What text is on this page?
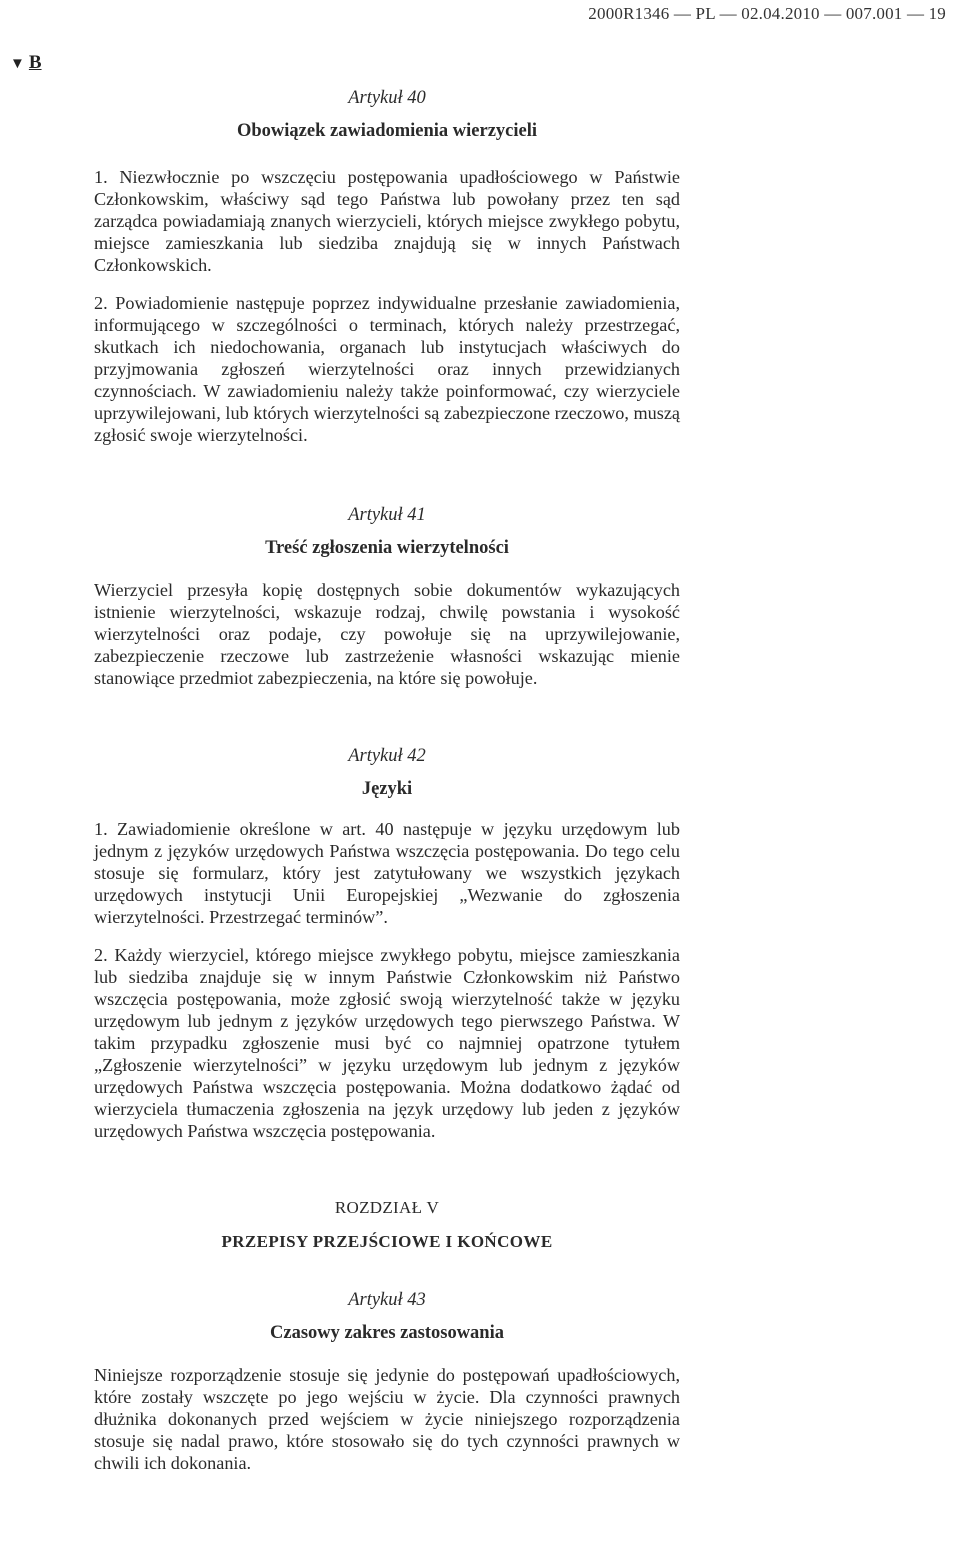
2000R1346 — PL — 02.04.2010 — 007.001 — 19
▼ B

Artykuł 40

Obowiązek zawiadomienia wierzycieli

1. Niezwłocznie po wszczęciu postępowania upadłościowego w Państwie Członkowskim, właściwy sąd tego Państwa lub powołany przez ten sąd zarządca powiadamiają znanych wierzycieli, których miejsce zwykłego pobytu, miejsce zamieszkania lub siedziba znajdują się w innych Państwach Członkowskich.

2. Powiadomienie następuje poprzez indywidualne przesłanie zawiadomienia, informującego w szczególności o terminach, których należy przestrzegać, skutkach ich niedochowania, organach lub instytucjach właściwych do przyjmowania zgłoszeń wierzytelności oraz innych przewidzianych czynnościach. W zawiadomieniu należy także poinformować, czy wierzyciele uprzywilejowani, lub których wierzytelności są zabezpieczone rzeczowo, muszą zgłosić swoje wierzytelności.

Artykuł 41

Treść zgłoszenia wierzytelności

Wierzyciel przesyła kopię dostępnych sobie dokumentów wykazujących istnienie wierzytelności, wskazuje rodzaj, chwilę powstania i wysokość wierzytelności oraz podaje, czy powołuje się na uprzywilejowanie, zabezpieczenie rzeczowe lub zastrzeżenie własności wskazując mienie stanowiące przedmiot zabezpieczenia, na które się powołuje.

Artykuł 42

Języki

1. Zawiadomienie określone w art. 40 następuje w języku urzędowym lub jednym z języków urzędowych Państwa wszczęcia postępowania. Do tego celu stosuje się formularz, który jest zatytułowany we wszystkich językach urzędowych instytucji Unii Europejskiej „Wezwanie do zgłoszenia wierzytelności. Przestrzegać terminów”.

2. Każdy wierzyciel, którego miejsce zwykłego pobytu, miejsce zamieszkania lub siedziba znajduje się w innym Państwie Członkowskim niż Państwo wszczęcia postępowania, może zgłosić swoją wierzytelność także w języku urzędowym lub jednym z języków urzędowych tego pierwszego Państwa. W takim przypadku zgłoszenie musi być co najmniej opatrzone tytułem „Zgłoszenie wierzytelności” w języku urzędowym lub jednym z języków urzędowych Państwa wszczęcia postępowania. Można dodatkowo żądać od wierzyciela tłumaczenia zgłoszenia na język urzędowy lub jeden z języków urzędowych Państwa wszczęcia postępowania.

ROZDZIAŁ V

PRZEPISY PRZEJŚCIOWE I KOŃCOWE

Artykuł 43

Czasowy zakres zastosowania

Niniejsze rozporządzenie stosuje się jedynie do postępowań upadłościowych, które zostały wszczęte po jego wejściu w życie. Dla czynności prawnych dłużnika dokonanych przed wejściem w życie niniejszego rozporządzenia stosuje się nadal prawo, które stosowało się do tych czynności prawnych w chwili ich dokonania.
